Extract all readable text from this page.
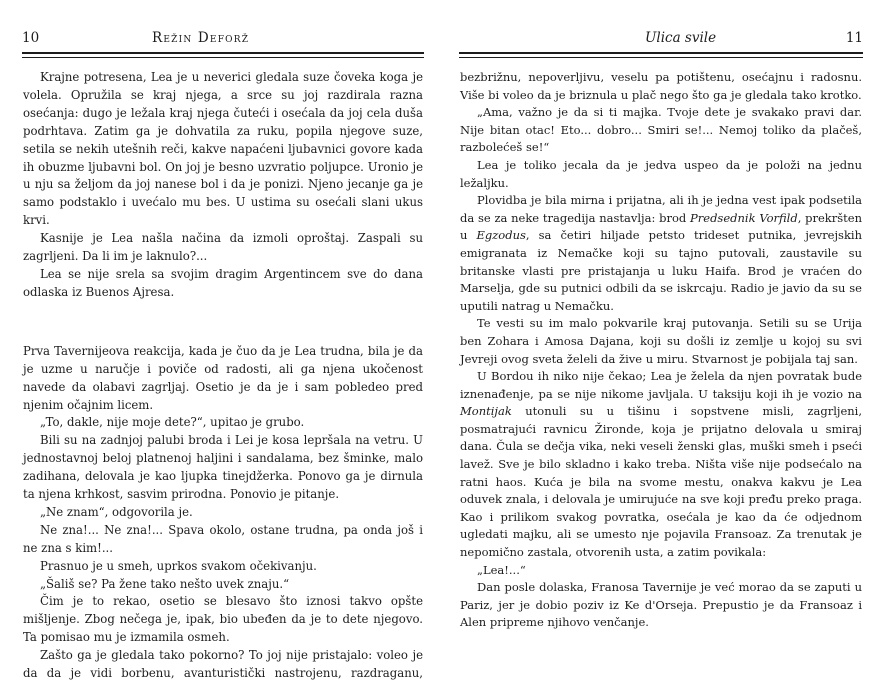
10	Režin Deforž

Krajne potresena, Lea je u neverici gledala suze čoveka koga je volela. Opružila se kraj njega, a srce su joj razdirala razna osećanja: dugo je ležala kraj njega čuteći i osećala da joj cela duša podrhtava. Zatim ga je dohvatila za ruku, popila njegove suze, setila se nekih utešnih reči, kakve napaćeni ljubavnici govore kada ih obuzme ljubavni bol. On joj je besno uzvratio poljupce. Uronio je u nju sa željom da joj nanese bol i da je ponizi. Njeno jecanje ga je samo podstaklo i uvećalo mu bes. U ustima su osećali slani ukus krvi.

Kasnije je Lea našla načina da izmoli oproštaj. Zaspali su zagrljeni. Da li im je laknulo?...

Lea se nije srela sa svojim dragim Argentincem sve do dana odlaska iz Buenos Ajresa.

Prva Tavernijeova reakcija, kada je čuo da je Lea trudna, bila je da je uzme u naručje i poviče od radosti, ali ga njena ukočenost navede da olabavi zagrljaj. Osetio je da je i sam pobledeo pred njenim očajnim licem.

„To, dakle, nije moje dete?“, upitao je grubo.

Bili su na zadnjoj palubi broda i Lei je kosa lepršala na vetru. U jednostavnoj beloj platnenoj haljini i sandalama, bez šminke, malo zadihana, delovala je kao ljupka tinejdžerka. Ponovo ga je dirnula ta njena krhkost, sasvim prirodna. Ponovio je pitanje.

„Ne znam“, odgovorila je.

Ne zna!... Ne zna!... Spava okolo, ostane trudna, pa onda još i ne zna s kim!...

Prasnuo je u smeh, uprkos svakom očekivanju.

„Šališ se? Pa žene tako nešto uvek znaju.“

Čim je to rekao, osetio se blesavo što iznosi takvo opšte mišljenje. Zbog nečega je, ipak, bio ubeđen da je to dete njegovo. Ta pomisao mu je izmamila osmeh.

Zašto ga je gledala tako pokorno? To joj nije pristajalo: voleo je da da je vidi borbenu, avanturistički nastrojenu, razdraganu,

Ulica svile	11

bezbrižnu, nepoverljivu, veselu pa potištenu, osećajnu i radosnu. Više bi voleo da je briznula u plač nego što ga je gledala tako krotko.

„Ama, važno je da si ti majka. Tvoje dete je svakako pravi dar. Nije bitan otac! Eto... dobro... Smiri se!... Nemoj toliko da plačeš, razbolećeš se!“

Lea je toliko jecala da je jedva uspeo da je položi na jednu ležaljku.

Plovidba je bila mirna i prijatna, ali ih je jedna vest ipak podsetila da se za neke tragedija nastavlja: brod Predsednik Vorfild, prekršten u Egzodus, sa četiri hiljade petsto trideset putnika, jevrejskih emigranata iz Nemačke koji su tajno putovali, zaustavile su britanske vlasti pre pristajanja u luku Haifa. Brod je vraćen do Marselja, gde su putnici odbili da se iskrcaju. Radio je javio da su se uputili natrag u Nemačku.

Te vesti su im malo pokvarile kraj putovanja. Setili su se Urija ben Zohara i Amosa Dajana, koji su došli iz zemlje u kojoj su svi Jevreji ovog sveta želeli da žive u miru. Stvarnost je pobijala taj san.

U Bordou ih niko nije čekao; Lea je želela da njen povratak bude iznenađenje, pa se nije nikome javljala. U taksiju koji ih je vozio na Montijak utonuli su u tišinu i sopstvene misli, zagrljeni, posmatrajući ravnicu Žironde, koja je prijatno delovala u smiraj dana. Čula se dečja vika, neki veseli ženski glas, muški smeh i pseći lavež. Sve je bilo skladno i kako treba. Ništa više nije podsećalo na ratni haos. Kuća je bila na svome mestu, onakva kakvu je Lea oduvek znala, i delovala je umirujuće na sve koji pređu preko praga. Kao i prilikom svakog povratka, osećala je kao da će odjednom ugledati majku, ali se umesto nje pojavila Fransoaz. Za trenutak je nepomično zastala, otvorenih usta, a zatim povikala:

„Lea!...“

Dan posle dolaska, Franosa Tavernije je već morao da se zaputi u Pariz, jer je dobio poziv iz Ke d'Orseja. Prepustio je da Fransoaz i Alen pripreme njihovo venčanje.
